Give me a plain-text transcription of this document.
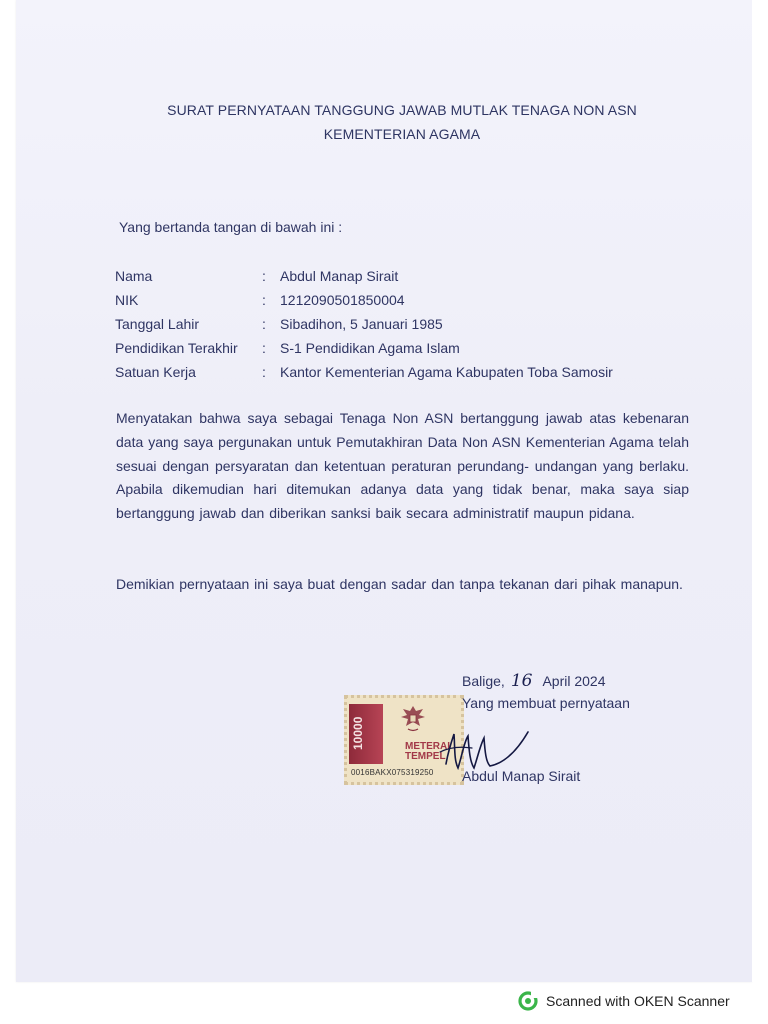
SURAT PERNYATAAN TANGGUNG JAWAB MUTLAK TENAGA NON ASN
KEMENTERIAN AGAMA
Yang bertanda tangan di bawah ini :
Nama	: Abdul Manap Sirait
NIK	: 1212090501850004
Tanggal Lahir	: Sibadihon, 5 Januari 1985
Pendidikan Terakhir : S-1 Pendidikan Agama Islam
Satuan Kerja	: Kantor Kementerian Agama Kabupaten Toba Samosir
Menyatakan bahwa saya sebagai Tenaga Non ASN bertanggung jawab atas kebenaran data yang saya pergunakan untuk Pemutakhiran Data Non ASN Kementerian Agama telah sesuai dengan persyaratan dan ketentuan peraturan perundang- undangan yang berlaku. Apabila dikemudian hari ditemukan adanya data yang tidak benar, maka saya siap bertanggung jawab dan diberikan sanksi baik secara administratif maupun pidana.
Demikian pernyataan ini saya buat dengan sadar dan tanpa tekanan dari pihak manapun.
10000	METERAI
TEMPEL
0016BAKX075319250
Balige, 16 April 2024
Yang membuat pernyataan
Abdul Manap Sirait
Scanned with OKEN Scanner
